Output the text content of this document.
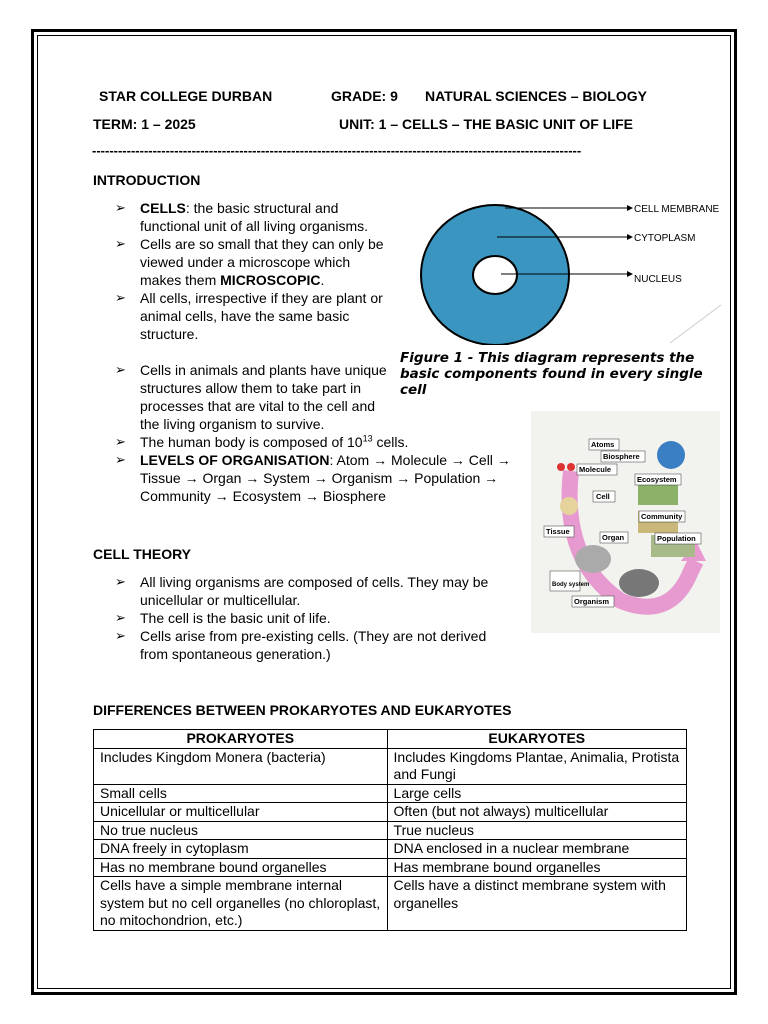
STAR COLLEGE DURBAN	GRADE: 9 NATURAL SCIENCES – BIOLOGY
TERM: 1 – 2025	UNIT: 1 – CELLS – THE BASIC UNIT OF LIFE
-----------------------------------------------------------------------------------------------------------------
INTRODUCTION
➢ CELLS: the basic structural and functional unit of all living organisms.
➢ Cells are so small that they can only be viewed under a microscope which makes them MICROSCOPIC.
➢ All cells, irrespective if they are plant or animal cells, have the same basic structure.
➢ Cells in animals and plants have unique structures allow them to take part in processes that are vital to the cell and the living organism to survive.
➢ The human body is composed of $10^{13}$ cells.
➢ LEVELS OF ORGANISATION: Atom → Molecule → Cell → Tissue → Organ → System → Organism → Population → Community → Ecosystem → Biosphere
CELL MEMBRANE
CYTOPLASM
NUCLEUS
Figure 1 - This diagram represents the basic components found in every single cell
Atoms
Biosphere
Molecule
Ecosystem
Cell
Community
Tissue
Organ	Population
Body system
Organism
CELL THEORY
➢ All living organisms are composed of cells. They may be unicellular or multicellular.
➢ The cell is the basic unit of life.
➢ Cells arise from pre-existing cells. (They are not derived from spontaneous generation.)
DIFFERENCES BETWEEN PROKARYOTES AND EUKARYOTES
PROKARYOTES	EUKARYOTES
Includes Kingdom Monera (bacteria)	Includes Kingdoms Plantae, Animalia, Protista and Fungi
Small cells	Large cells
Unicellular or multicellular	Often (but not always) multicellular
No true nucleus	True nucleus
DNA freely in cytoplasm	DNA enclosed in a nuclear membrane
Has no membrane bound organelles	Has membrane bound organelles
Cells have a simple membrane internal system but no cell organelles (no chloroplast, no mitochondrion, etc.)	Cells have a distinct membrane system with organelles
